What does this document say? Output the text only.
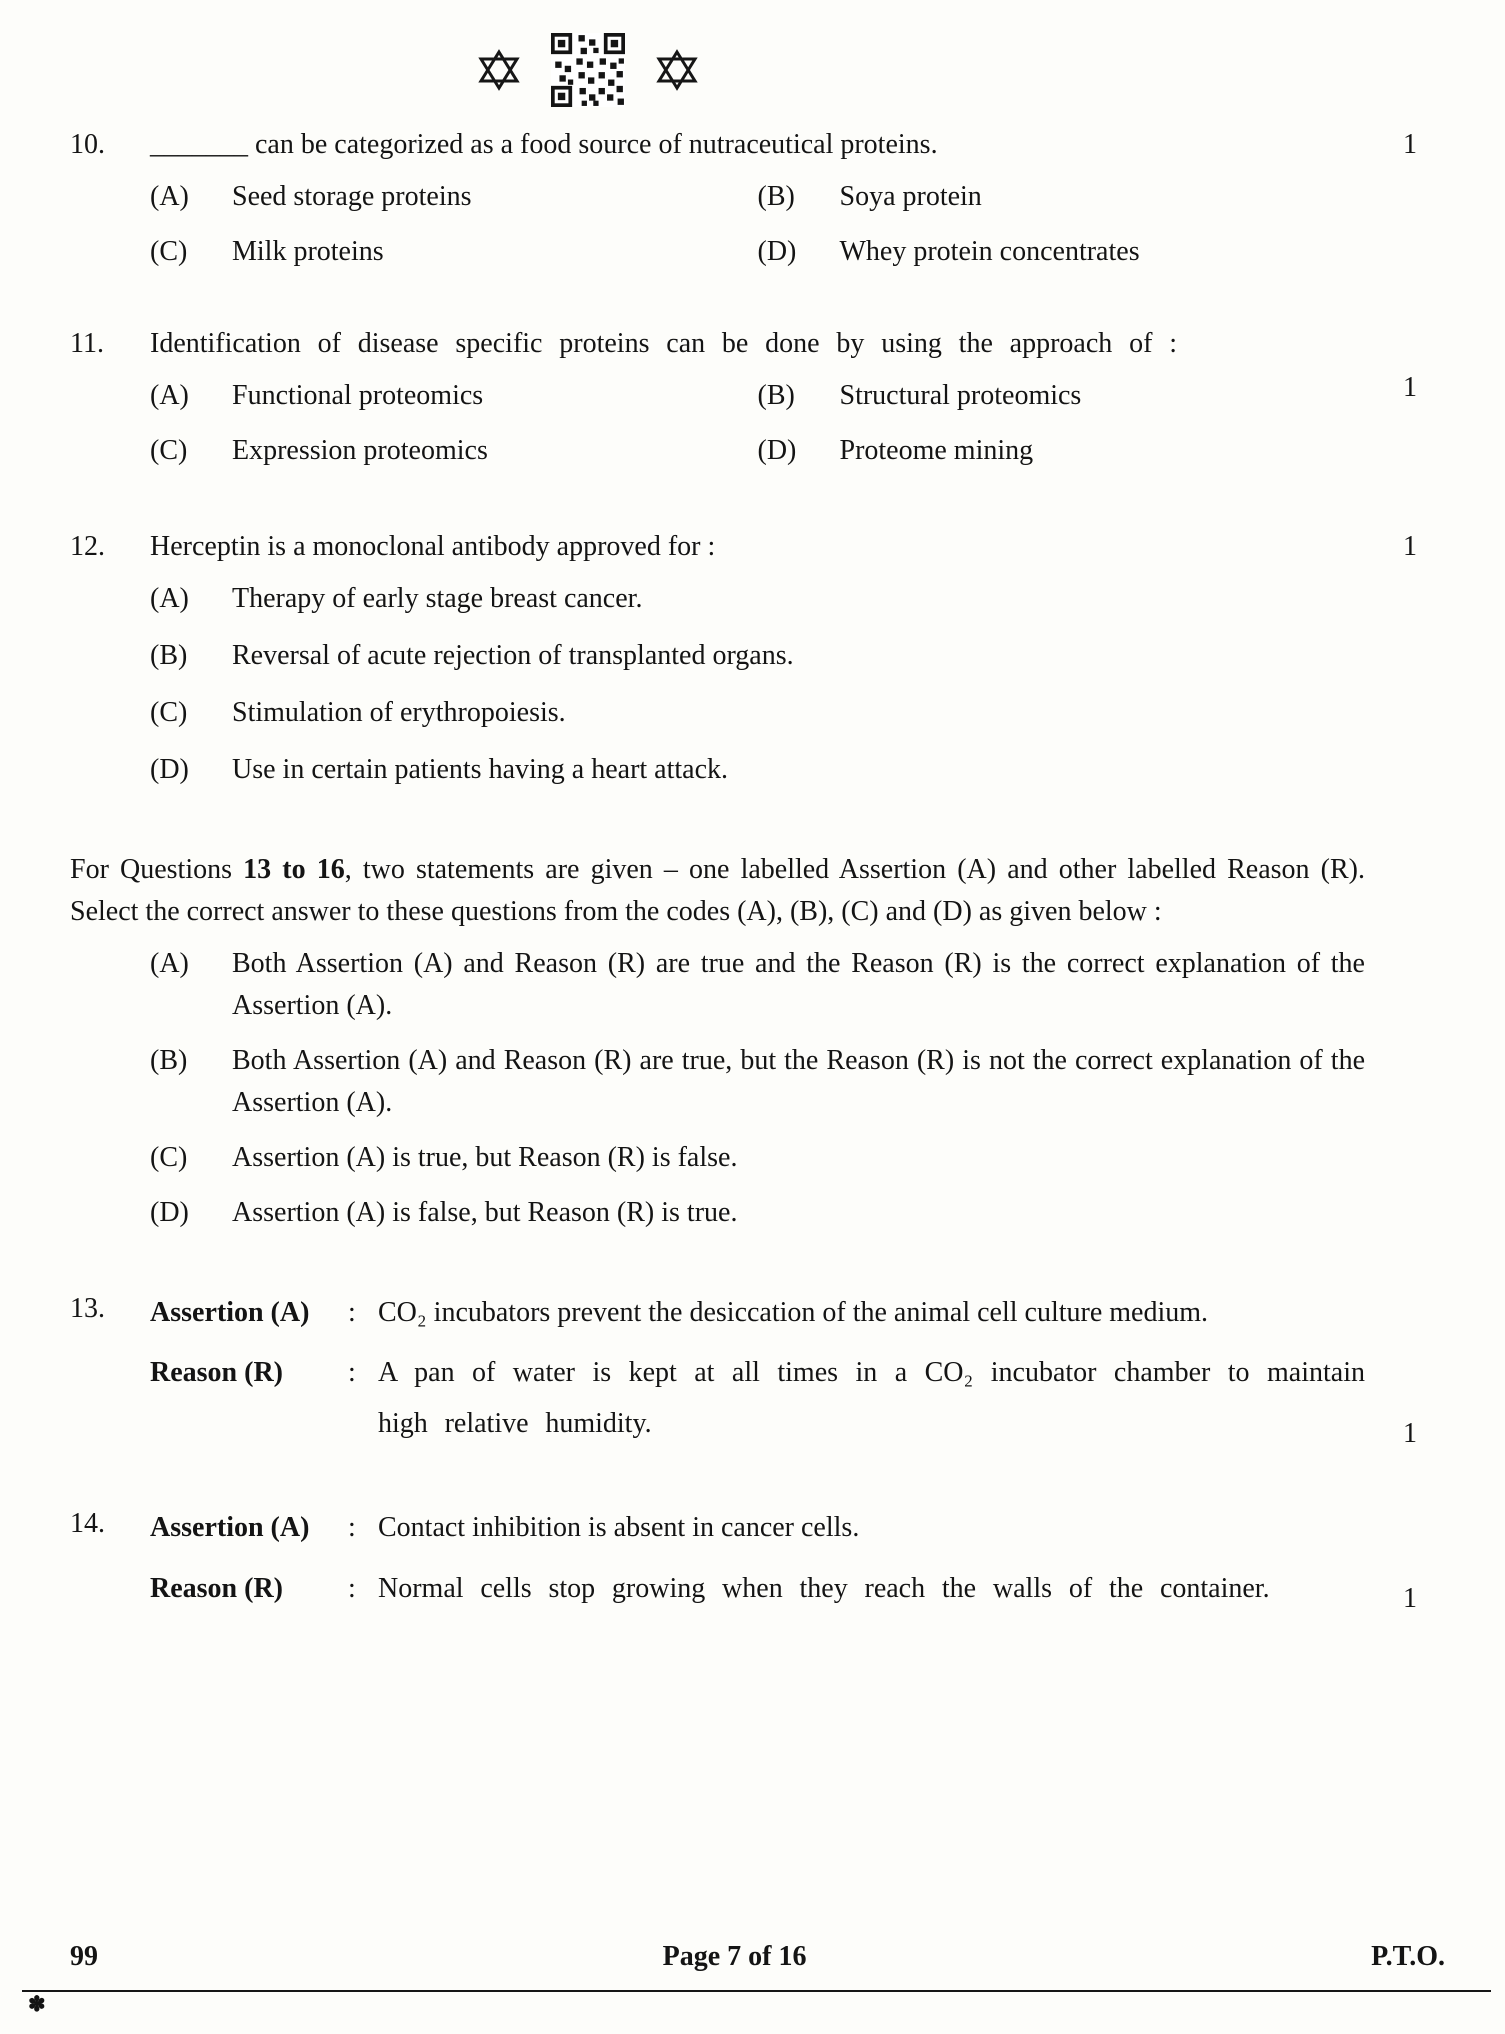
10.	_______ can be categorized as a food source of nutraceutical proteins.

(A)	Seed storage proteins	(B)	Soya protein
(C)	Milk proteins	(D)	Whey protein concentrates
1
11.	Identification of disease specific proteins can be done by using the approach of :

(A)	Functional proteomics	(B)	Structural proteomics
(C)	Expression proteomics	(D)	Proteome mining
1
12.	Herceptin is a monoclonal antibody approved for :

(A)	Therapy of early stage breast cancer.
(B)	Reversal of acute rejection of transplanted organs.
(C)	Stimulation of erythropoiesis.
(D)	Use in certain patients having a heart attack.
1

For Questions 13 to 16, two statements are given – one labelled Assertion (A) and other labelled Reason (R). Select the correct answer to these questions from the codes (A), (B), (C) and (D) as given below :

(A)	Both Assertion (A) and Reason (R) are true and the Reason (R) is the correct explanation of the Assertion (A).
(B)	Both Assertion (A) and Reason (R) are true, but the Reason (R) is not the correct explanation of the Assertion (A).
(C)	Assertion (A) is true, but Reason (R) is false.
(D)	Assertion (A) is false, but Reason (R) is true.
13.	Assertion (A)	: CO₂ incubators prevent the desiccation of the animal cell culture medium.
Reason (R)	: A pan of water is kept at all times in a CO₂ incubator chamber to maintain high relative humidity.	1
14.	Assertion (A)	: Contact inhibition is absent in cancer cells.
Reason (R)	: Normal cells stop growing when they reach the walls of the container.	1
99	Page 7 of 16	P.T.O.
✽
